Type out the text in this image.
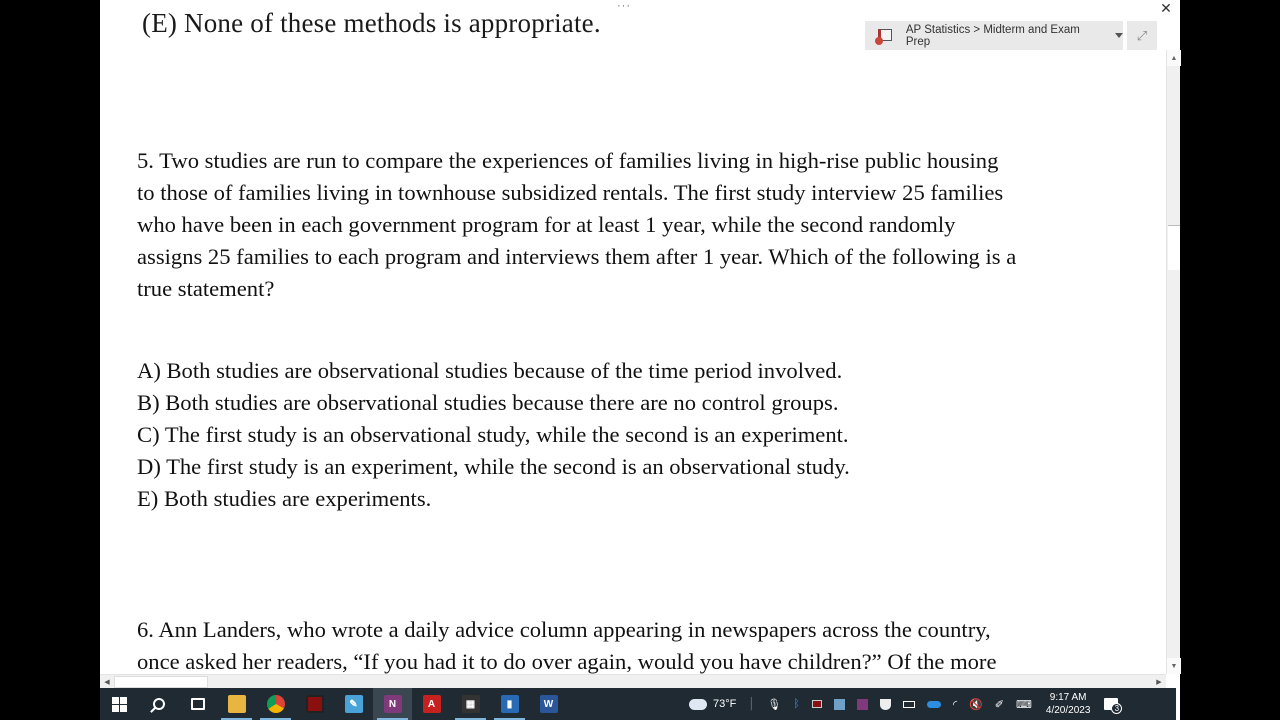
(E) None of these methods is appropriate.
···
5. Two studies are run to compare the experiences of families living in high-rise public housing
to those of families living in townhouse subsidized rentals. The first study interview 25 families
who have been in each government program for at least 1 year, while the second randomly
assigns 25 families to each program and interviews them after 1 year. Which of the following is a
true statement?
A) Both studies are observational studies because of the time period involved.
B) Both studies are observational studies because there are no control groups.
C) The first study is an observational study, while the second is an experiment.
D) The first study is an experiment, while the second is an observational study.
E) Both studies are experiments.
6. Ann Landers, who wrote a daily advice column appearing in newspapers across the country,
once asked her readers, “If you had it to do over again, would you have children?” Of the more
AP Statistics > Midterm and Exam Prep	⤢
✕
▲
▼
◀	▶
✎	N	A	▦	▮	W	73°F │	🎙	ᛒ	◜	🔇	✐	⌨
9:17 AM
4/20/2023	3
